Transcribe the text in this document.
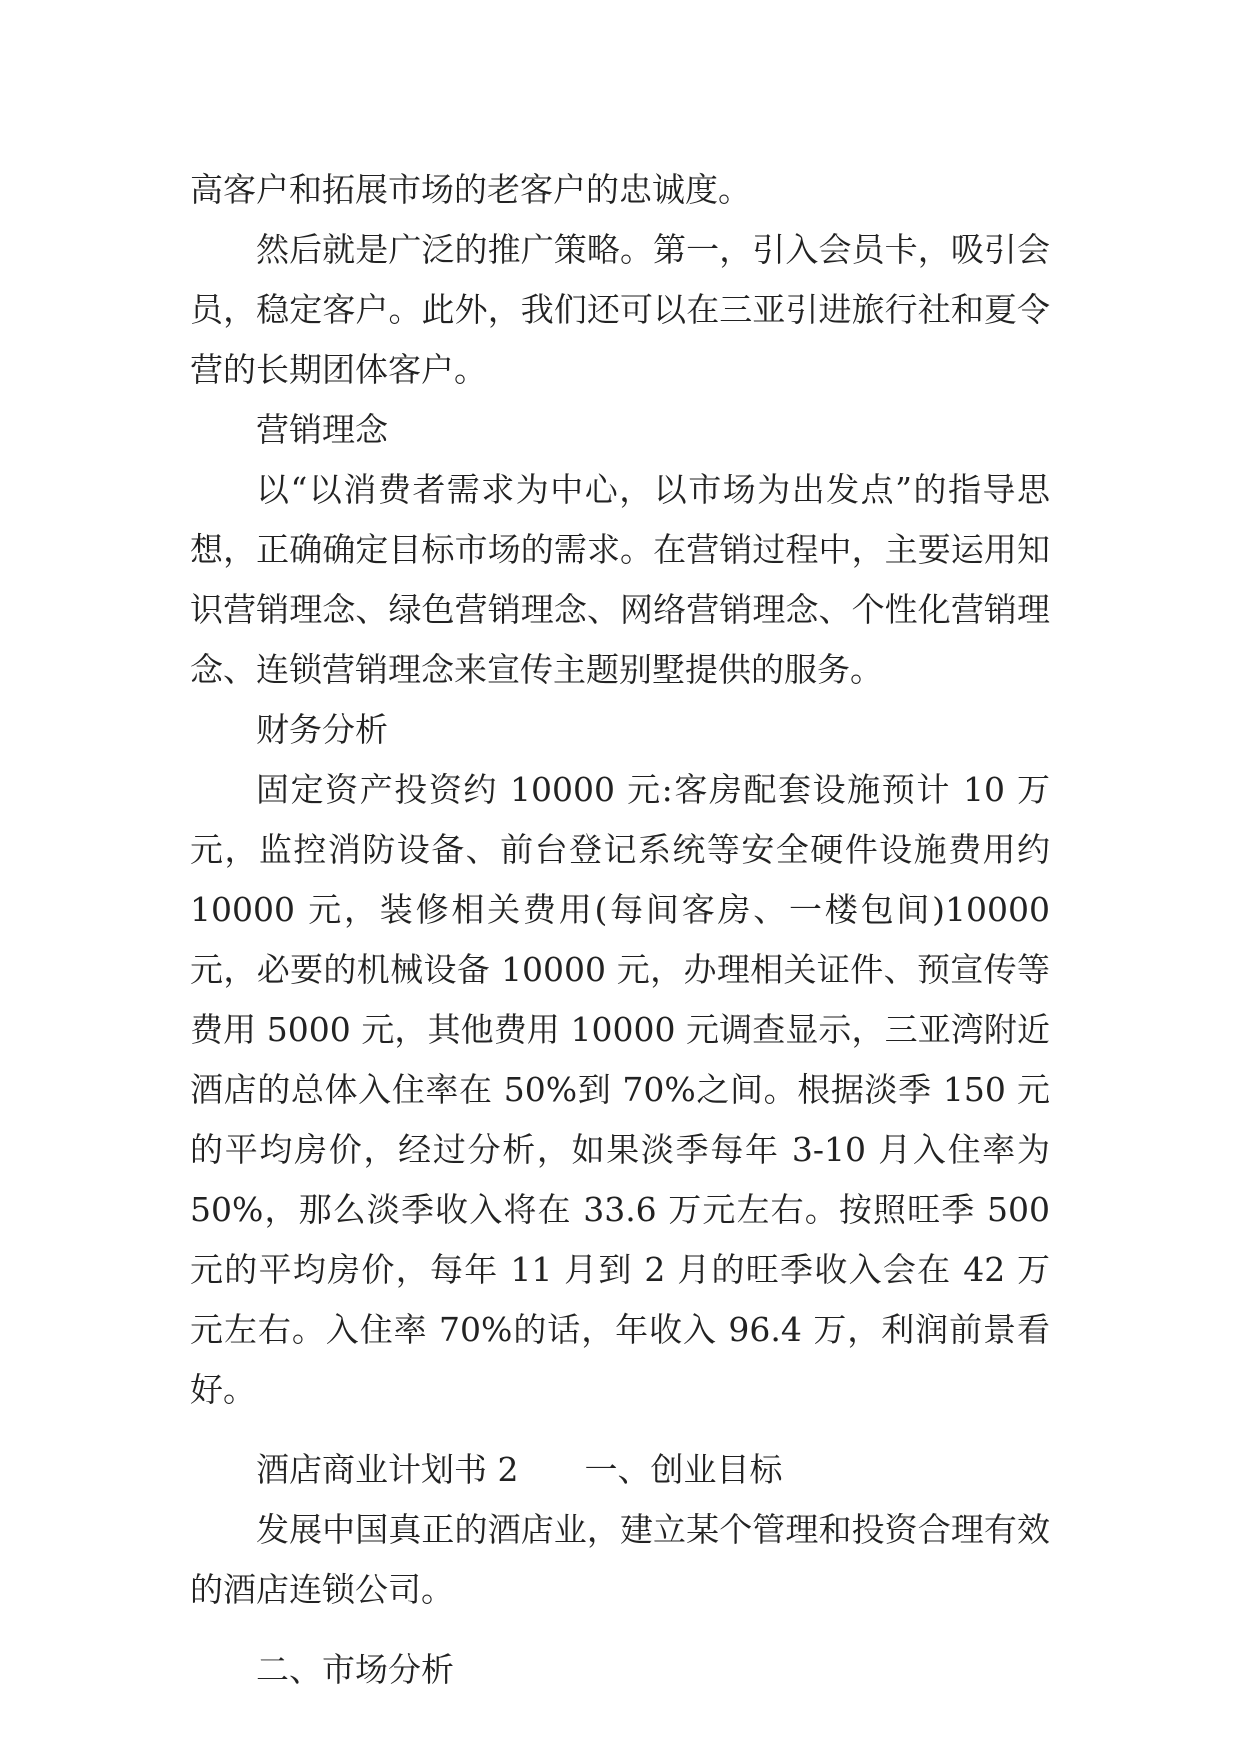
高客户和拓展市场的老客户的忠诚度。

然后就是广泛的推广策略。第一，引入会员卡，吸引会员，稳定客户。此外，我们还可以在三亚引进旅行社和夏令营的长期团体客户。

营销理念

以“以消费者需求为中心，以市场为出发点”的指导思想，正确确定目标市场的需求。在营销过程中，主要运用知识营销理念、绿色营销理念、网络营销理念、个性化营销理念、连锁营销理念来宣传主题别墅提供的服务。

财务分析

固定资产投资约 10000 元:客房配套设施预计 10 万元，监控消防设备、前台登记系统等安全硬件设施费用约 10000 元，装修相关费用(每间客房、一楼包间)10000 元，必要的机械设备 10000 元，办理相关证件、预宣传等费用 5000 元，其他费用 10000 元调查显示，三亚湾附近酒店的总体入住率在 50%到 70%之间。根据淡季 150 元的平均房价，经过分析，如果淡季每年 3-10 月入住率为 50%，那么淡季收入将在 33.6 万元左右。按照旺季 500 元的平均房价，每年 11 月到 2 月的旺季收入会在 42 万元左右。入住率 70%的话，年收入 96.4 万，利润前景看好。

酒店商业计划书 2　　一、创业目标

发展中国真正的酒店业，建立某个管理和投资合理有效的酒店连锁公司。

二、市场分析
